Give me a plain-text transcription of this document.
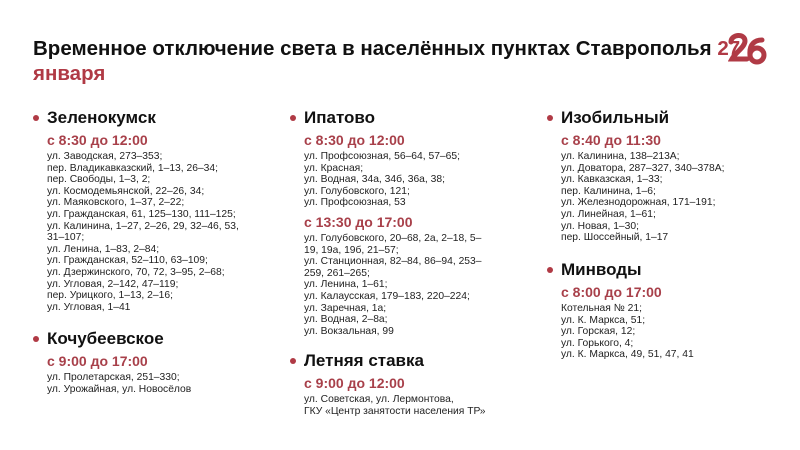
Временное отключение света в населённых пунктах Ставрополья 27 января
Зеленокумск
с 8:30 до 12:00
ул. Заводская, 273–353;
пер. Владикавказский, 1–13, 26–34;
пер. Свободы, 1–3, 2;
ул. Космодемьянской, 22–26, 34;
ул. Маяковского, 1–37, 2–22;
ул. Гражданская, 61, 125–130, 111–125;
ул. Калинина, 1–27, 2–26, 29, 32–46, 53,
31–107;
ул. Ленина, 1–83, 2–84;
ул. Гражданская, 52–110, 63–109;
ул. Дзержинского, 70, 72, 3–95, 2–68;
ул. Угловая, 2–142, 47–119;
пер. Урицкого, 1–13, 2–16;
ул. Угловая, 1–41
Кочубеевское
с 9:00 до 17:00
ул. Пролетарская, 251–330;
ул. Урожайная, ул. Новосёлов
Ипатово
с 8:30 до 12:00
ул. Профсоюзная, 56–64, 57–65;
ул. Красная;
ул. Водная, 34а, 34б, 36а, 38;
ул. Голубовского, 121;
ул. Профсоюзная, 53
с 13:30 до 17:00
ул. Голубовского, 20–68, 2а, 2–18, 5–
19, 19а, 19б, 21–57;
ул. Станционная, 82–84, 86–94, 253–
259, 261–265;
ул. Ленина, 1–61;
ул. Калаусская, 179–183, 220–224;
ул. Заречная, 1а;
ул. Водная, 2–8а;
ул. Вокзальная, 99
Летняя ставка
с 9:00 до 12:00
ул. Советская, ул. Лермонтова,
ГКУ «Центр занятости населения ТР»
Изобильный
с 8:40 до 11:30
ул. Калинина, 138–213А;
ул. Доватора, 287–327, 340–378А;
ул. Кавказская, 1–33;
пер. Калинина, 1–6;
ул. Железнодорожная, 171–191;
ул. Линейная, 1–61;
ул. Новая, 1–30;
пер. Шоссейный, 1–17
Минводы
с 8:00 до 17:00
Котельная № 21;
ул. К. Маркса, 51;
ул. Горская, 12;
ул. Горького, 4;
ул. К. Маркса, 49, 51, 47, 41
